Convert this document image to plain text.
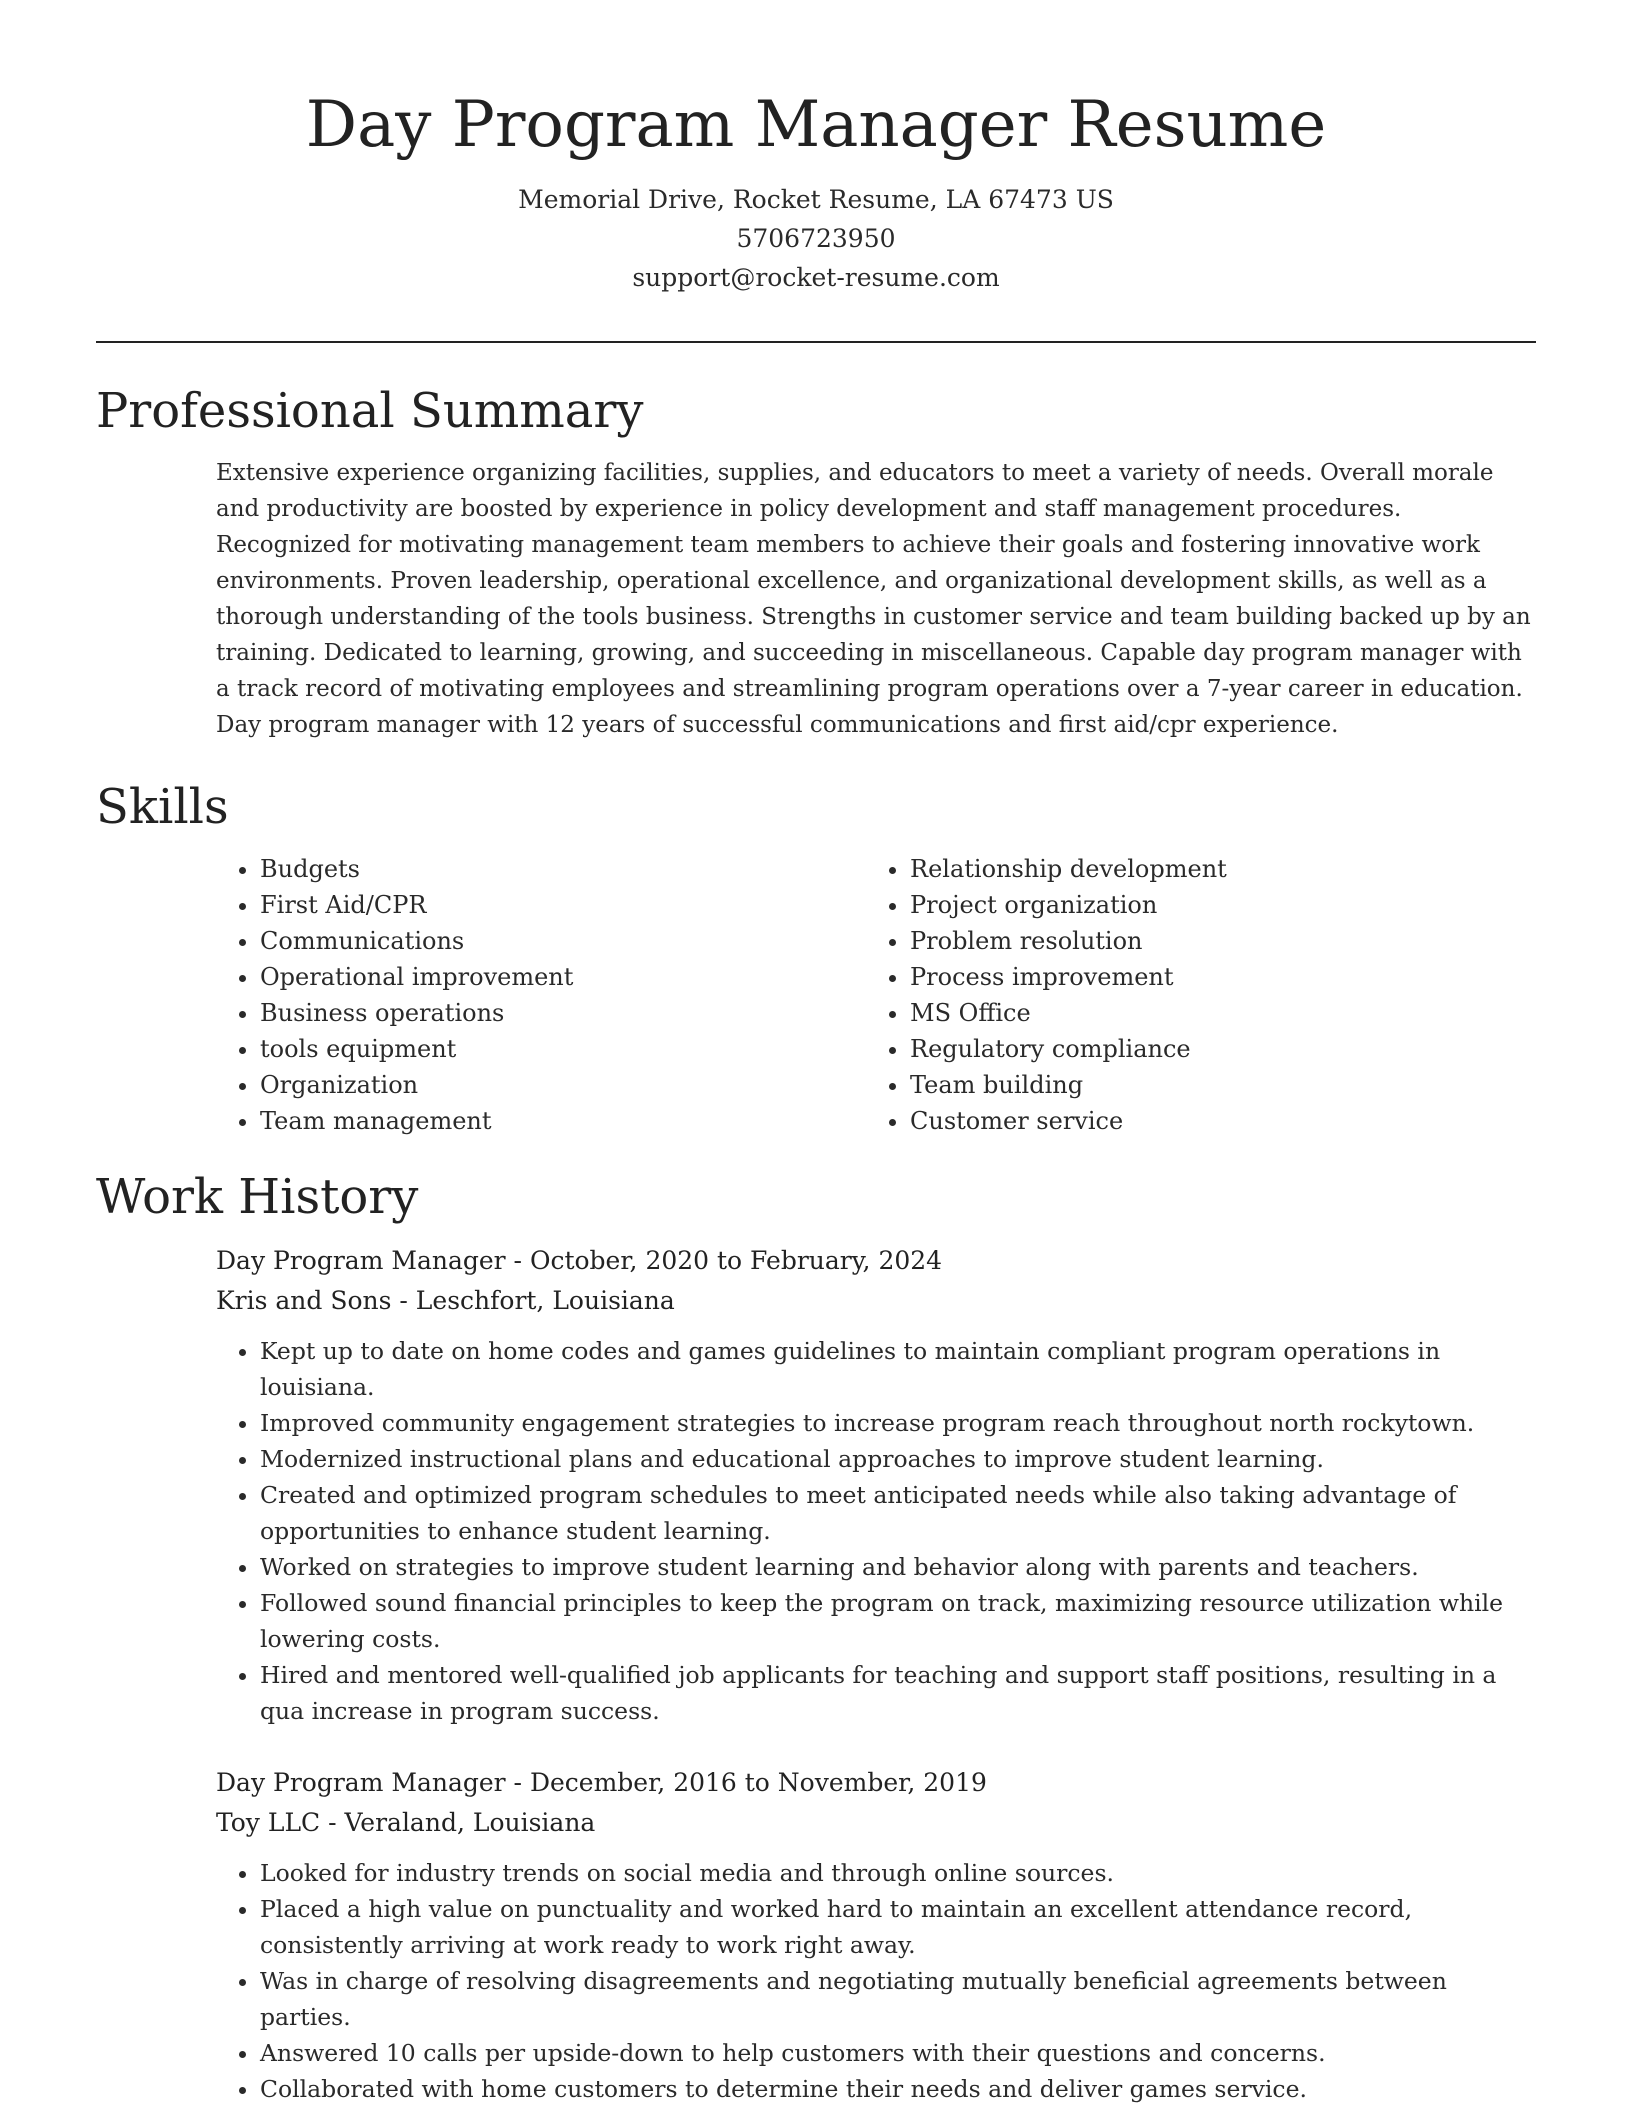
Day Program Manager Resume
Memorial Drive, Rocket Resume, LA 67473 US
5706723950
support@rocket-resume.com
Professional Summary

Extensive experience organizing facilities, supplies, and educators to meet a variety of needs. Overall morale and productivity are boosted by experience in policy development and staff management procedures. Recognized for motivating management team members to achieve their goals and fostering innovative work environments. Proven leadership, operational excellence, and organizational development skills, as well as a thorough understanding of the tools business. Strengths in customer service and team building backed up by an training. Dedicated to learning, growing, and succeeding in miscellaneous. Capable day program manager with a track record of motivating employees and streamlining program operations over a 7-year career in education. Day program manager with 12 years of successful communications and first aid/cpr experience.

Skills
• Budgets
• First Aid/CPR
• Communications
• Operational improvement
• Business operations
• tools equipment
• Organization
• Team management
• Relationship development
• Project organization
• Problem resolution
• Process improvement
• MS Office
• Regulatory compliance
• Team building
• Customer service
Work History
Day Program Manager - October, 2020 to February, 2024
Kris and Sons - Leschfort, Louisiana
• Kept up to date on home codes and games guidelines to maintain compliant program operations in louisiana.
• Improved community engagement strategies to increase program reach throughout north rockytown.
• Modernized instructional plans and educational approaches to improve student learning.
• Created and optimized program schedules to meet anticipated needs while also taking advantage of opportunities to enhance student learning.
• Worked on strategies to improve student learning and behavior along with parents and teachers.
• Followed sound financial principles to keep the program on track, maximizing resource utilization while lowering costs.
• Hired and mentored well-qualified job applicants for teaching and support staff positions, resulting in a qua increase in program success.
Day Program Manager - December, 2016 to November, 2019
Toy LLC - Veraland, Louisiana
• Looked for industry trends on social media and through online sources.
• Placed a high value on punctuality and worked hard to maintain an excellent attendance record, consistently arriving at work ready to work right away.
• Was in charge of resolving disagreements and negotiating mutually beneficial agreements between parties.
• Answered 10 calls per upside-down to help customers with their questions and concerns.
• Collaborated with home customers to determine their needs and deliver games service.
